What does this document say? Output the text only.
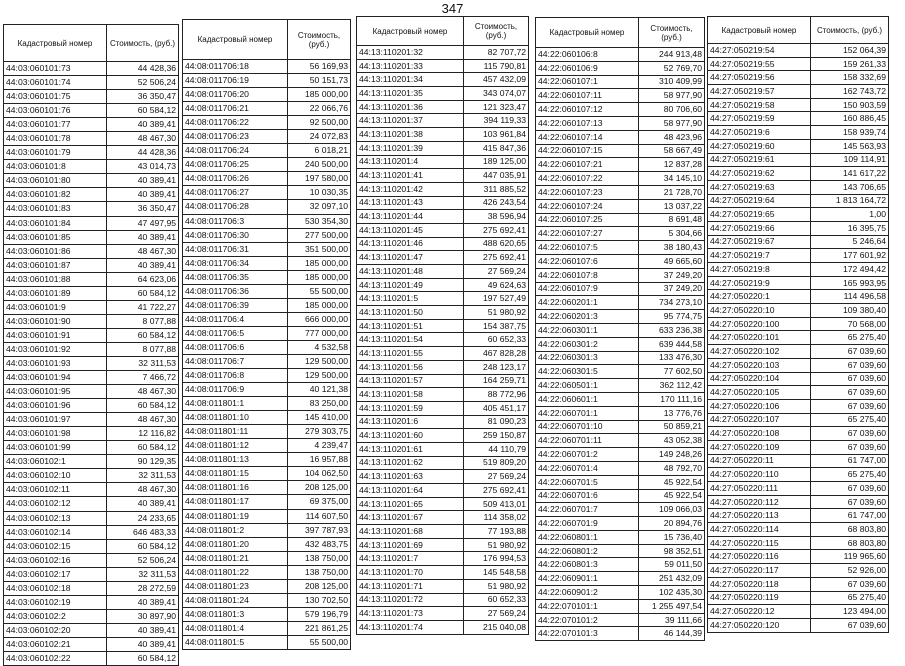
347
Кадастровый номер	Стоимость, (руб.)
44:03:060101:73	44 428,36
44:03:060101:74	52 506,24
44:03:060101:75	36 350,47
44:03:060101:76	60 584,12
44:03:060101:77	40 389,41
44:03:060101:78	48 467,30
44:03:060101:79	44 428,36
44:03:060101:8	43 014,73
44:03:060101:80	40 389,41
44:03:060101:82	40 389,41
44:03:060101:83	36 350,47
44:03:060101:84	47 497,95
44:03:060101:85	40 389,41
44:03:060101:86	48 467,30
44:03:060101:87	40 389,41
44:03:060101:88	64 623,06
44:03:060101:89	60 584,12
44:03:060101:9	41 722,27
44:03:060101:90	8 077,88
44:03:060101:91	60 584,12
44:03:060101:92	8 077,88
44:03:060101:93	32 311,53
44:03:060101:94	7 466,72
44:03:060101:95	48 467,30
44:03:060101:96	60 584,12
44:03:060101:97	48 467,30
44:03:060101:98	12 116,82
44:03:060101:99	60 584,12
44:03:060102:1	90 129,35
44:03:060102:10	32 311,53
44:03:060102:11	48 467,30
44:03:060102:12	40 389,41
44:03:060102:13	24 233,65
44:03:060102:14	646 483,33
44:03:060102:15	60 584,12
44:03:060102:16	52 506,24
44:03:060102:17	32 311,53
44:03:060102:18	28 272,59
44:03:060102:19	40 389,41
44:03:060102:2	30 897,90
44:03:060102:20	40 389,41
44:03:060102:21	40 389,41
44:03:060102:22	60 584,12
Кадастровый номер	Стоимость, (руб.)
44:08:011706:18	56 169,93
44:08:011706:19	50 151,73
44:08:011706:20	185 000,00
44:08:011706:21	22 066,76
44:08:011706:22	92 500,00
44:08:011706:23	24 072,83
44:08:011706:24	6 018,21
44:08:011706:25	240 500,00
44:08:011706:26	197 580,00
44:08:011706:27	10 030,35
44:08:011706:28	32 097,10
44:08:011706:3	530 354,30
44:08:011706:30	277 500,00
44:08:011706:31	351 500,00
44:08:011706:34	185 000,00
44:08:011706:35	185 000,00
44:08:011706:36	55 500,00
44:08:011706:39	185 000,00
44:08:011706:4	666 000,00
44:08:011706:5	777 000,00
44:08:011706:6	4 532,58
44:08:011706:7	129 500,00
44:08:011706:8	129 500,00
44:08:011706:9	40 121,38
44:08:011801:1	83 250,00
44:08:011801:10	145 410,00
44:08:011801:11	279 303,75
44:08:011801:12	4 239,47
44:08:011801:13	16 957,88
44:08:011801:15	104 062,50
44:08:011801:16	208 125,00
44:08:011801:17	69 375,00
44:08:011801:19	114 607,50
44:08:011801:2	397 787,93
44:08:011801:20	432 483,75
44:08:011801:21	138 750,00
44:08:011801:22	138 750,00
44:08:011801:23	208 125,00
44:08:011801:24	130 702,50
44:08:011801:3	579 196,79
44:08:011801:4	221 861,25
44:08:011801:5	55 500,00
Кадастровый номер	Стоимость, (руб.)
44:13:110201:32	82 707,72
44:13:110201:33	115 790,81
44:13:110201:34	457 432,09
44:13:110201:35	343 074,07
44:13:110201:36	121 323,47
44:13:110201:37	394 119,33
44:13:110201:38	103 961,84
44:13:110201:39	415 847,36
44:13:110201:4	189 125,00
44:13:110201:41	447 035,91
44:13:110201:42	311 885,52
44:13:110201:43	426 243,54
44:13:110201:44	38 596,94
44:13:110201:45	275 692,41
44:13:110201:46	488 620,65
44:13:110201:47	275 692,41
44:13:110201:48	27 569,24
44:13:110201:49	49 624,63
44:13:110201:5	197 527,49
44:13:110201:50	51 980,92
44:13:110201:51	154 387,75
44:13:110201:54	60 652,33
44:13:110201:55	467 828,28
44:13:110201:56	248 123,17
44:13:110201:57	164 259,71
44:13:110201:58	88 772,96
44:13:110201:59	405 451,17
44:13:110201:6	81 090,23
44:13:110201:60	259 150,87
44:13:110201:61	44 110,79
44:13:110201:62	519 809,20
44:13:110201:63	27 569,24
44:13:110201:64	275 692,41
44:13:110201:65	509 413,01
44:13:110201:67	114 358,02
44:13:110201:68	77 193,88
44:13:110201:69	51 980,92
44:13:110201:7	176 994,53
44:13:110201:70	145 548,58
44:13:110201:71	51 980,92
44:13:110201:72	60 652,33
44:13:110201:73	27 569,24
44:13:110201:74	215 040,08
Кадастровый номер	Стоимость, (руб.)
44:22:060106:8	244 913,48
44:22:060106:9	52 769,70
44:22:060107:1	310 409,99
44:22:060107:11	58 977,90
44:22:060107:12	80 706,60
44:22:060107:13	58 977,90
44:22:060107:14	48 423,96
44:22:060107:15	58 667,49
44:22:060107:21	12 837,28
44:22:060107:22	34 145,10
44:22:060107:23	21 728,70
44:22:060107:24	13 037,22
44:22:060107:25	8 691,48
44:22:060107:27	5 304,66
44:22:060107:5	38 180,43
44:22:060107:6	49 665,60
44:22:060107:8	37 249,20
44:22:060107:9	37 249,20
44:22:060201:1	734 273,10
44:22:060201:3	95 774,75
44:22:060301:1	633 236,38
44:22:060301:2	639 444,58
44:22:060301:3	133 476,30
44:22:060301:5	77 602,50
44:22:060501:1	362 112,42
44:22:060601:1	170 111,16
44:22:060701:1	13 776,76
44:22:060701:10	50 859,21
44:22:060701:11	43 052,38
44:22:060701:2	149 248,26
44:22:060701:4	48 792,70
44:22:060701:5	45 922,54
44:22:060701:6	45 922,54
44:22:060701:7	109 066,03
44:22:060701:9	20 894,76
44:22:060801:1	15 736,40
44:22:060801:2	98 352,51
44:22:060801:3	59 011,50
44:22:060901:1	251 432,09
44:22:060901:2	102 435,30
44:22:070101:1	1 255 497,54
44:22:070101:2	39 111,66
44:22:070101:3	46 144,39
Кадастровый номер	Стоимость, (руб.)
44:27:050219:54	152 064,39
44:27:050219:55	159 261,33
44:27:050219:56	158 332,69
44:27:050219:57	162 743,72
44:27:050219:58	150 903,59
44:27:050219:59	160 886,45
44:27:050219:6	158 939,74
44:27:050219:60	145 563,93
44:27:050219:61	109 114,91
44:27:050219:62	141 617,22
44:27:050219:63	143 706,65
44:27:050219:64	1 813 164,72
44:27:050219:65	1,00
44:27:050219:66	16 395,75
44:27:050219:67	5 246,64
44:27:050219:7	177 601,92
44:27:050219:8	172 494,42
44:27:050219:9	165 993,95
44:27:050220:1	114 496,58
44:27:050220:10	109 380,40
44:27:050220:100	70 568,00
44:27:050220:101	65 275,40
44:27:050220:102	67 039,60
44:27:050220:103	67 039,60
44:27:050220:104	67 039,60
44:27:050220:105	67 039,60
44:27:050220:106	67 039,60
44:27:050220:107	65 275,40
44:27:050220:108	67 039,60
44:27:050220:109	67 039,60
44:27:050220:11	61 747,00
44:27:050220:110	65 275,40
44:27:050220:111	67 039,60
44:27:050220:112	67 039,60
44:27:050220:113	61 747,00
44:27:050220:114	68 803,80
44:27:050220:115	68 803,80
44:27:050220:116	119 965,60
44:27:050220:117	52 926,00
44:27:050220:118	67 039,60
44:27:050220:119	65 275,40
44:27:050220:12	123 494,00
44:27:050220:120	67 039,60
